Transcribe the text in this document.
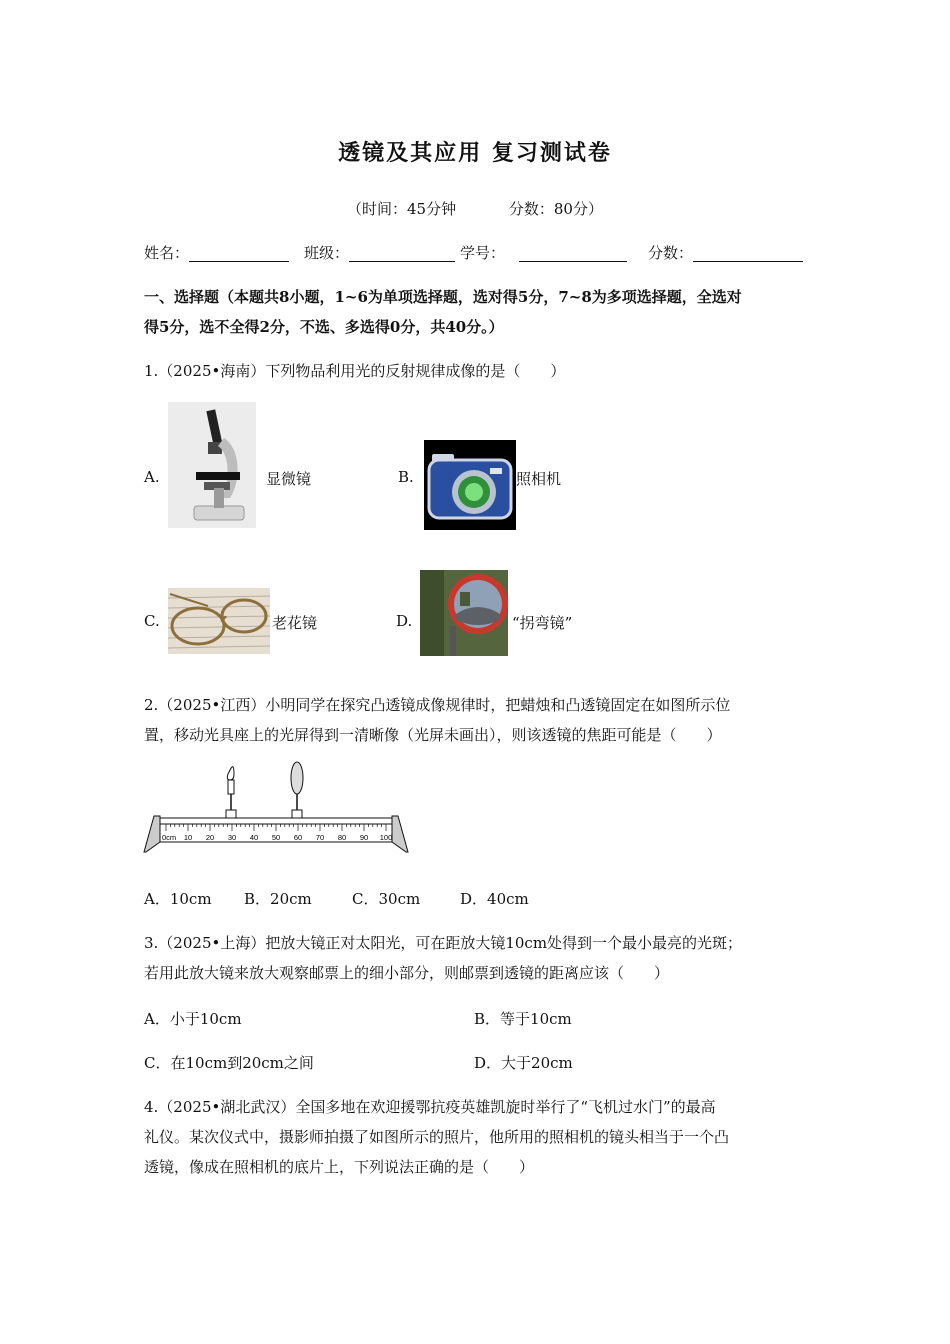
透镜及其应用 复习测试卷
（时间：45分钟	分数：80分）
姓名：	班级：	学号：	分数：
一、选择题（本题共8小题，1~6为单项选择题，选对得5分，7~8为多项选择题，全选对
得5分，选不全得2分，不选、多选得0分，共40分。）
1.（2025•海南）下列物品利用光的反射规律成像的是（　　）
A.	显微镜	B.	照相机
C.	老花镜	D.	“拐弯镜”
2.（2025•江西）小明同学在探究凸透镜成像规律时，把蜡烛和凸透镜固定在如图所示位
置，移动光具座上的光屏得到一清晰像（光屏未画出），则该透镜的焦距可能是（　　）
0cm 10 20 30 40 50 60 70 80 90 100
A．10cm B．20cm	C．30cm	D．40cm
3.（2025•上海）把放大镜正对太阳光，可在距放大镜10cm处得到一个最小最亮的光斑；
若用此放大镜来放大观察邮票上的细小部分，则邮票到透镜的距离应该（　　）
A．小于10cm	B．等于10cm
C．在10cm到20cm之间	D．大于20cm
4.（2025•湖北武汉）全国多地在欢迎援鄂抗疫英雄凯旋时举行了“飞机过水门”的最高
礼仪。某次仪式中，摄影师拍摄了如图所示的照片，他所用的照相机的镜头相当于一个凸
透镜，像成在照相机的底片上，下列说法正确的是（　　）
